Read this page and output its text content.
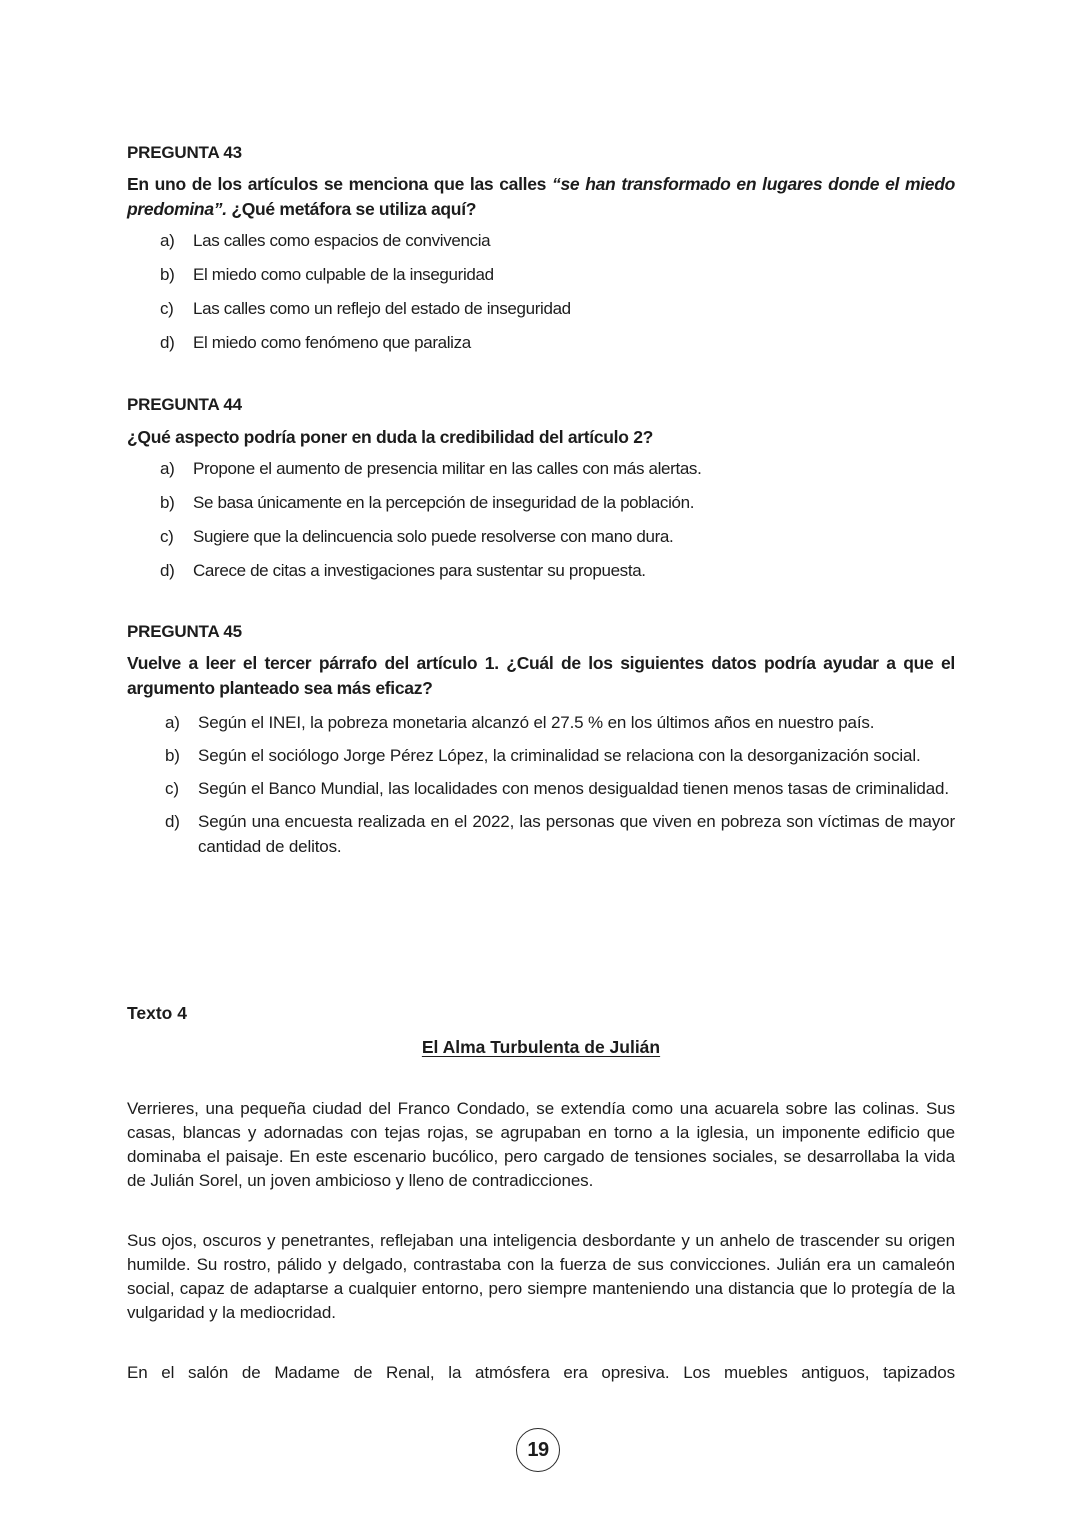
PREGUNTA 43

En uno de los artículos se menciona que las calles “se han transformado en lugares donde el miedo predomina”. ¿Qué metáfora se utiliza aquí?

a)	Las calles como espacios de convivencia
b)	El miedo como culpable de la inseguridad
c)	Las calles como un reflejo del estado de inseguridad
d)	El miedo como fenómeno que paraliza
PREGUNTA 44

¿Qué aspecto podría poner en duda la credibilidad del artículo 2?

a)	Propone el aumento de presencia militar en las calles con más alertas.
b)	Se basa únicamente en la percepción de inseguridad de la población.
c)	Sugiere que la delincuencia solo puede resolverse con mano dura.
d)	Carece de citas a investigaciones para sustentar su propuesta.
PREGUNTA 45

Vuelve a leer el tercer párrafo del artículo 1. ¿Cuál de los siguientes datos podría ayudar a que el argumento planteado sea más eficaz?

a)	Según el INEI, la pobreza monetaria alcanzó el 27.5 % en los últimos años en nuestro país.
b)	Según el sociólogo Jorge Pérez López, la criminalidad se relaciona con la desorganización social.
c)	Según el Banco Mundial, las localidades con menos desigualdad tienen menos tasas de criminalidad.
d)	Según una encuesta realizada en el 2022, las personas que viven en pobreza son víctimas de mayor cantidad de delitos.
Texto 4
El Alma Turbulenta de Julián

Verrieres, una pequeña ciudad del Franco Condado, se extendía como una acuarela sobre las colinas. Sus casas, blancas y adornadas con tejas rojas, se agrupaban en torno a la iglesia, un imponente edificio que dominaba el paisaje. En este escenario bucólico, pero cargado de tensiones sociales, se desarrollaba la vida de Julián Sorel, un joven ambicioso y lleno de contradicciones.

Sus ojos, oscuros y penetrantes, reflejaban una inteligencia desbordante y un anhelo de trascender su origen humilde. Su rostro, pálido y delgado, contrastaba con la fuerza de sus convicciones. Julián era un camaleón social, capaz de adaptarse a cualquier entorno, pero siempre manteniendo una distancia que lo protegía de la vulgaridad y la mediocridad.

En el salón de Madame de Renal, la atmósfera era opresiva. Los muebles antiguos, tapizados

19
